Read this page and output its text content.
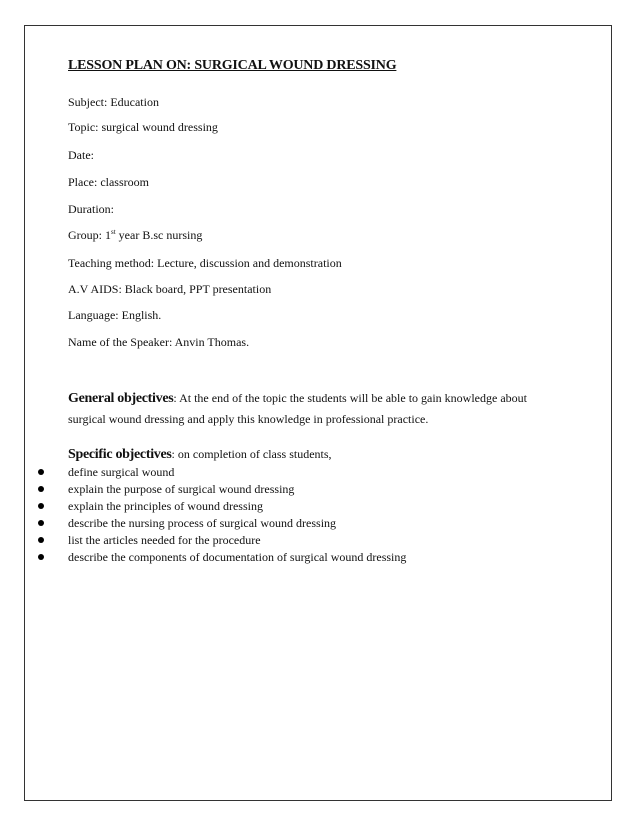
LESSON PLAN ON: SURGICAL WOUND DRESSING
Subject: Education
Topic: surgical wound dressing
Date:
Place: classroom
Duration:
Group: 1st year B.sc nursing
Teaching method: Lecture, discussion and demonstration
A.V AIDS: Black board, PPT presentation
Language: English.
Name of the Speaker: Anvin Thomas.
General objectives: At the end of the topic the students will be able to gain knowledge about
surgical wound dressing and apply this knowledge in professional practice.
Specific objectives: on completion of class students,
define surgical wound
explain the purpose of surgical wound dressing
explain the principles of wound dressing
describe the nursing process of surgical wound dressing
list the articles needed for the procedure
describe the components of documentation of surgical wound dressing
